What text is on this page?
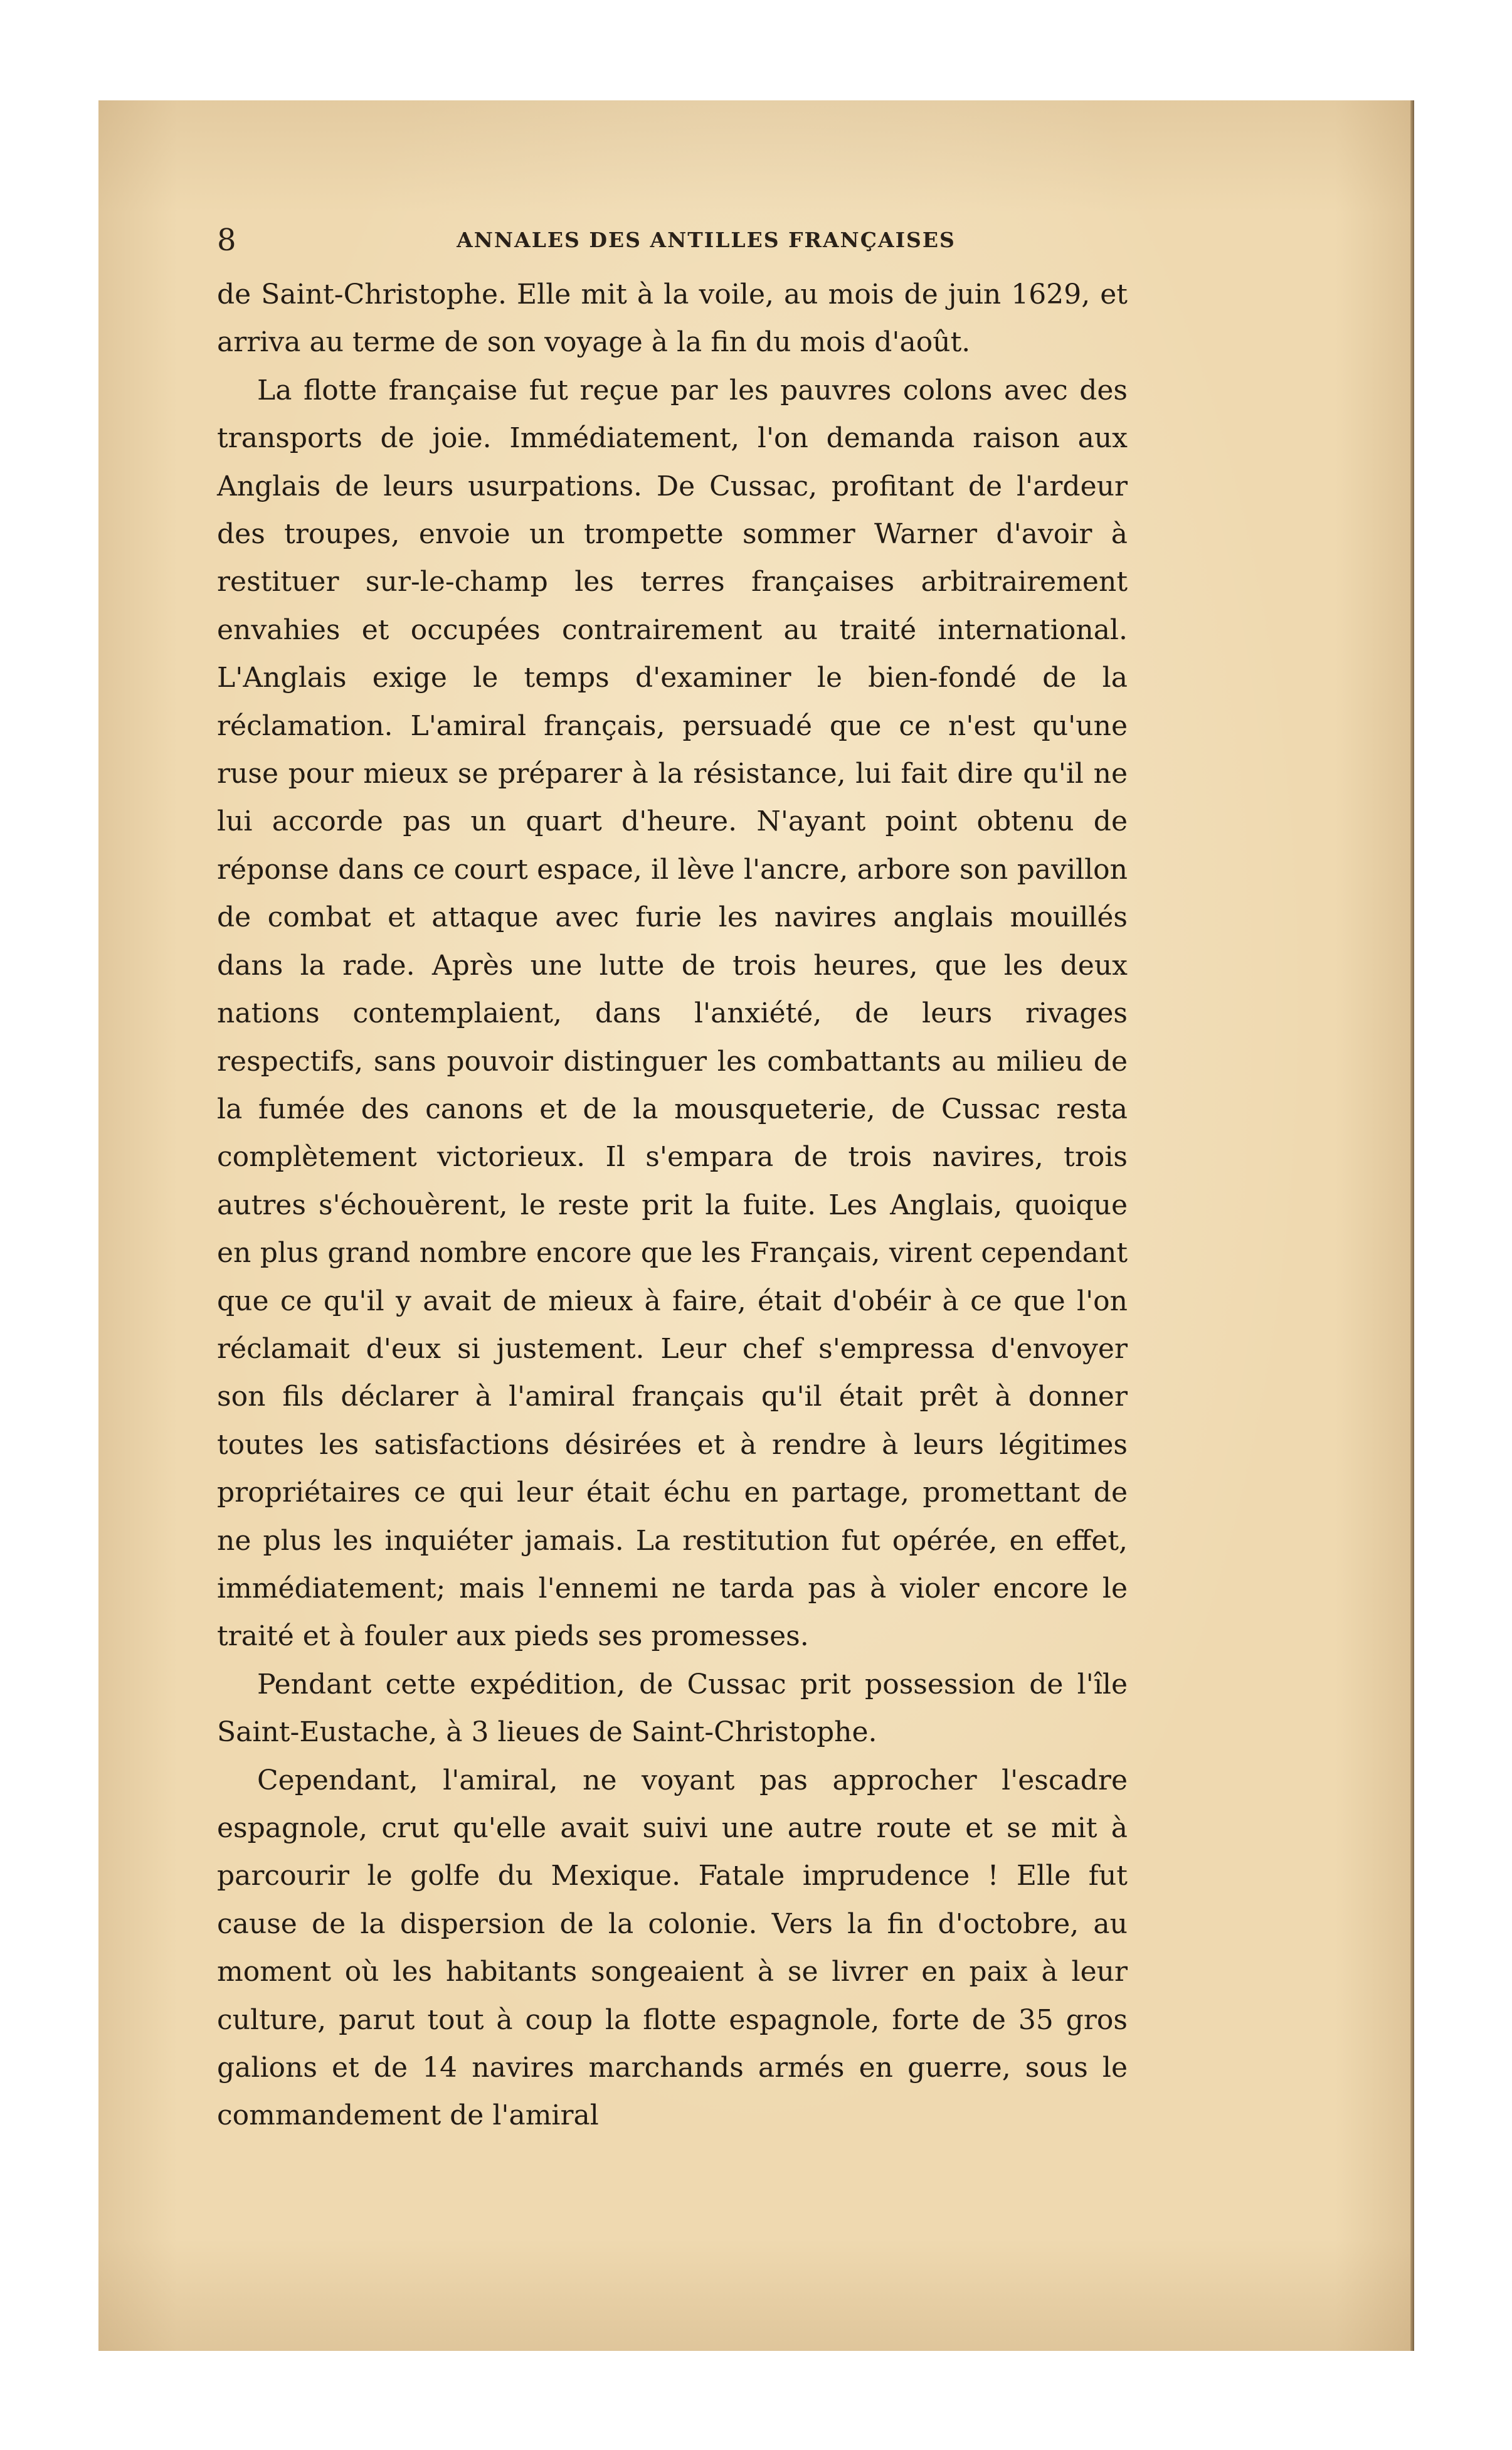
8	ANNALES DES ANTILLES FRANÇAISES

de Saint-Christophe. Elle mit à la voile, au mois de juin 1629, et arriva au terme de son voyage à la fin du mois d'août.

La flotte française fut reçue par les pauvres colons avec des transports de joie. Immédiatement, l'on demanda raison aux Anglais de leurs usurpations. De Cussac, profitant de l'ardeur des troupes, envoie un trompette sommer Warner d'avoir à restituer sur-le-champ les terres françaises arbitrairement envahies et occupées contrairement au traité international. L'Anglais exige le temps d'examiner le bien-fondé de la réclamation. L'amiral français, persuadé que ce n'est qu'une ruse pour mieux se préparer à la résistance, lui fait dire qu'il ne lui accorde pas un quart d'heure. N'ayant point obtenu de réponse dans ce court espace, il lève l'ancre, arbore son pavillon de combat et attaque avec furie les navires anglais mouillés dans la rade. Après une lutte de trois heures, que les deux nations contemplaient, dans l'anxiété, de leurs rivages respectifs, sans pouvoir distinguer les combattants au milieu de la fumée des canons et de la mousqueterie, de Cussac resta complètement victorieux. Il s'empara de trois navires, trois autres s'échouèrent, le reste prit la fuite. Les Anglais, quoique en plus grand nombre encore que les Français, virent cependant que ce qu'il y avait de mieux à faire, était d'obéir à ce que l'on réclamait d'eux si justement. Leur chef s'empressa d'envoyer son fils déclarer à l'amiral français qu'il était prêt à donner toutes les satisfactions désirées et à rendre à leurs légitimes propriétaires ce qui leur était échu en partage, promettant de ne plus les inquiéter jamais. La restitution fut opérée, en effet, immédiatement; mais l'ennemi ne tarda pas à violer encore le traité et à fouler aux pieds ses promesses.

Pendant cette expédition, de Cussac prit possession de l'île Saint-Eustache, à 3 lieues de Saint-Christophe.

Cependant, l'amiral, ne voyant pas approcher l'escadre espagnole, crut qu'elle avait suivi une autre route et se mit à parcourir le golfe du Mexique. Fatale imprudence ! Elle fut cause de la dispersion de la colonie. Vers la fin d'octobre, au moment où les habitants songeaient à se livrer en paix à leur culture, parut tout à coup la flotte espagnole, forte de 35 gros galions et de 14 navires marchands armés en guerre, sous le commandement de l'amiral
